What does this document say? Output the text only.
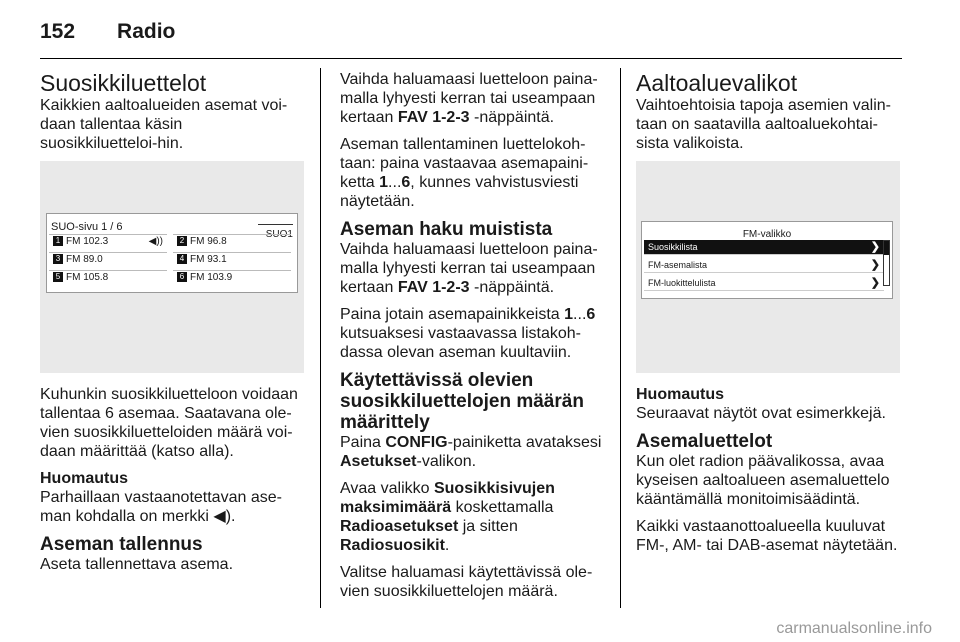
152 Radio
Suosikkiluettelot

Kaikkien aaltoalueiden asemat voi-daan tallentaa käsin suosikkiluetteloi-hin.

SUO-sivu 1 / 6
SUO1
1 FM 102.3	◀))	2 FM 96.8
3 FM 89.0	4 FM 93.1
5 FM 105.8	6 FM 103.9

Kuhunkin suosikkiluetteloon voidaan tallentaa 6 asemaa. Saatavana ole-vien suosikkiluetteloiden määrä voi-daan määrittää (katso alla).

Huomautus
Parhaillaan vastaanotettavan ase-man kohdalla on merkki ◀).

Aseman tallennus

Aseta tallennettava asema.

Vaihda haluamaasi luetteloon paina-malla lyhyesti kerran tai useampaan kertaan FAV 1-2-3 -näppäintä.

Aseman tallentaminen luettelokoh-taan: paina vastaavaa asemapaini-ketta 1...6, kunnes vahvistusviesti näytetään.

Aseman haku muistista

Vaihda haluamaasi luetteloon paina-malla lyhyesti kerran tai useampaan kertaan FAV 1-2-3 -näppäintä.

Paina jotain asemapainikkeista 1...6 kutsuaksesi vastaavassa listakoh-dassa olevan aseman kuultaviin.

Käytettävissä olevien suosikkiluettelojen määrän määrittely

Paina CONFIG-painiketta avataksesi Asetukset-valikon.

Avaa valikko Suosikkisivujen maksimimäärä koskettamalla Radioasetukset ja sitten Radiosuosikit.

Valitse haluamasi käytettävissä ole-vien suosikkiluettelojen määrä.

Aaltoaluevalikot

Vaihtoehtoisia tapoja asemien valin-taan on saatavilla aaltoaluekohtai-sista valikoista.

FM-valikko
Suosikkilista	❯
FM-asemalista	❯
FM-luokittelulista	❯

Huomautus
Seuraavat näytöt ovat esimerkkejä.

Asemaluettelot

Kun olet radion päävalikossa, avaa kyseisen aaltoalueen asemaluettelo kääntämällä monitoimisäädintä.

Kaikki vastaanottoalueella kuuluvat FM-, AM- tai DAB-asemat näytetään.

carmanualsonline.info
